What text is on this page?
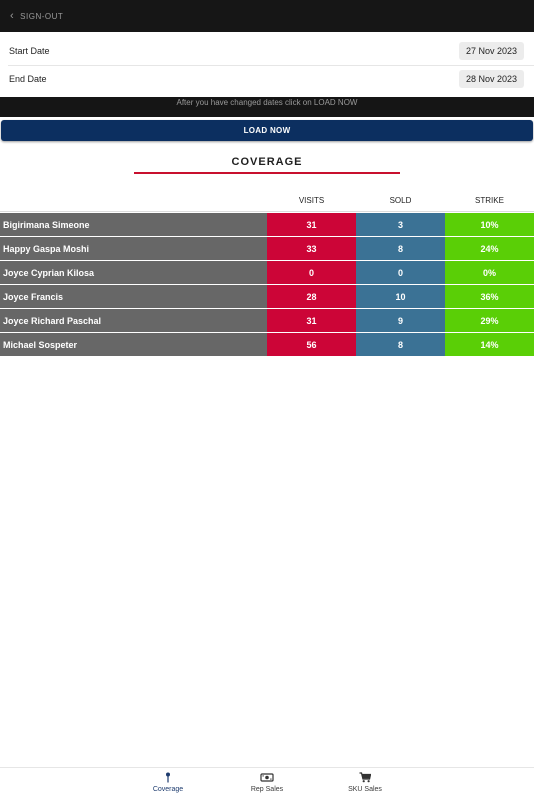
‹ SIGN-OUT
Start Date	27 Nov 2023
End Date	28 Nov 2023
After you have changed dates click on LOAD NOW
LOAD NOW
COVERAGE
VISITS	SOLD	STRIKE
Bigirimana Simeone	31	3	10%
Happy Gaspa Moshi	33	8	24%
Joyce Cyprian Kilosa	0	0	0%
Joyce Francis	28	10	36%
Joyce Richard Paschal	31	9	29%
Michael Sospeter	56	8	14%
Coverage	Rep Sales	SKU Sales
